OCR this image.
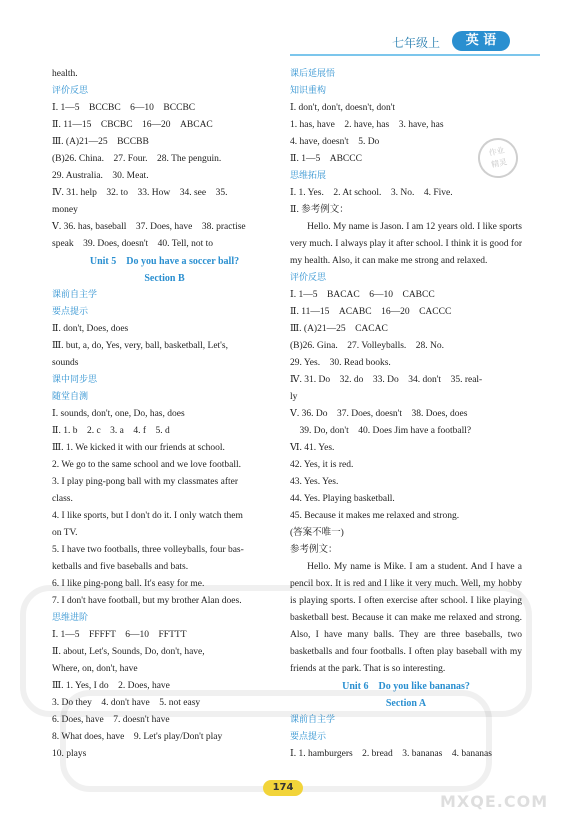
七年级上	英 语

health.

评价反思

Ⅰ. 1—5　BCCBC　6—10　BCCBC

Ⅱ. 11—15　CBCBC　16—20　ABCAC

Ⅲ. (A)21—25　BCCBB

(B)26. China.　27. Four.　28. The penguin.

29. Australia.　30. Meat.

Ⅳ. 31. help　32. to　33. How　34. see　35.

money

Ⅴ. 36. has, baseball　37. Does, have　38. practise

speak　39. Does, doesn't　40. Tell, not to

Unit 5　Do you have a soccer ball?

Section B

课前自主学

要点提示

Ⅱ. don't, Does, does

Ⅲ. but, a, do, Yes, very, ball, basketball, Let's,

sounds

课中同步思

随堂自测

Ⅰ. sounds, don't, one, Do, has, does

Ⅱ. 1. b　2. c　3. a　4. f　5. d

Ⅲ. 1. We kicked it with our friends at school.

2. We go to the same school and we love football.

3. I play ping-pong ball with my classmates after

class.

4. I like sports, but I don't do it. I only watch them

on TV.

5. I have two footballs, three volleyballs, four bas-

ketballs and five baseballs and bats.

6. I like ping-pong ball. It's easy for me.

7. I don't have football, but my brother Alan does.

思维进阶

Ⅰ. 1—5　FFFFT　6—10　FFTTT

Ⅱ. about, Let's, Sounds, Do, don't, have,

Where, on, don't, have

Ⅲ. 1. Yes, I do　2. Does, have

3. Do they　4. don't have　5. not easy

6. Does, have　7. doesn't have

8. What does, have　9. Let's play/Don't play

10. plays

课后延展悟

知识重构

Ⅰ. don't, don't, doesn't, don't

1. has, have　2. have, has　3. have, has

4. have, doesn't　5. Do

Ⅱ. 1—5　ABCCC

思维拓展

Ⅰ. 1. Yes.　2. At school.　3. No.　4. Five.

Ⅱ. 参考例文：

Hello. My name is Jason. I am 12 years old. I like sports very much. I always play it after school. I think it is good for my health. Also, it can make me strong and relaxed.

评价反思

Ⅰ. 1—5　BACAC　6—10　CABCC

Ⅱ. 11—15　ACABC　16—20　CACCC

Ⅲ. (A)21—25　CACAC

(B)26. Gina.　27. Volleyballs.　28. No.

29. Yes.　30. Read books.

Ⅳ. 31. Do　32. do　33. Do　34. don't　35. real-

ly

Ⅴ. 36. Do　37. Does, doesn't　38. Does, does

　39. Do, don't　40. Does Jim have a football?

Ⅵ. 41. Yes.

42. Yes, it is red.

43. Yes. Yes.

44. Yes. Playing basketball.

45. Because it makes me relaxed and strong.

(答案不唯一)

参考例文：

Hello. My name is Mike. I am a student. And I have a pencil box. It is red and I like it very much. Well, my hobby is playing sports. I often exercise after school. I like playing basketball best. Because it can make me relaxed and strong. Also, I have many balls. They are three baseballs, two basketballs and four footballs. I often play baseball with my friends at the park. That is so interesting.

Unit 6　Do you like bananas?

Section A

课前自主学

要点提示

Ⅰ. 1. hamburgers　2. bread　3. bananas　4. bananas

作业
精灵
MXQE.COM
174
